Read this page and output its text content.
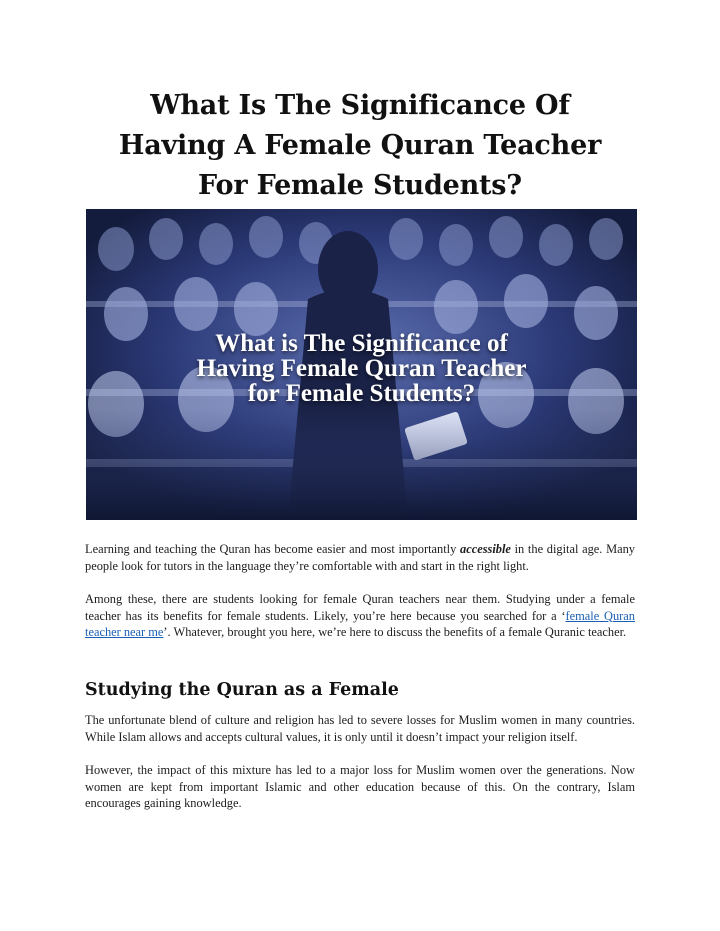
What Is The Significance Of
Having A Female Quran Teacher
For Female Students?
What is The Significance of
Having Female Quran Teacher
for Female Students?

Learning and teaching the Quran has become easier and most importantly accessible in the digital age. Many people look for tutors in the language they’re comfortable with and start in the right light.

Among these, there are students looking for female Quran teachers near them. Studying under a female teacher has its benefits for female students. Likely, you’re here because you searched for a ‘female Quran teacher near me’. Whatever, brought you here, we’re here to discuss the benefits of a female Quranic teacher.

Studying the Quran as a Female

The unfortunate blend of culture and religion has led to severe losses for Muslim women in many countries. While Islam allows and accepts cultural values, it is only until it doesn’t impact your religion itself.

However, the impact of this mixture has led to a major loss for Muslim women over the generations. Now women are kept from important Islamic and other education because of this. On the contrary, Islam encourages gaining knowledge.
